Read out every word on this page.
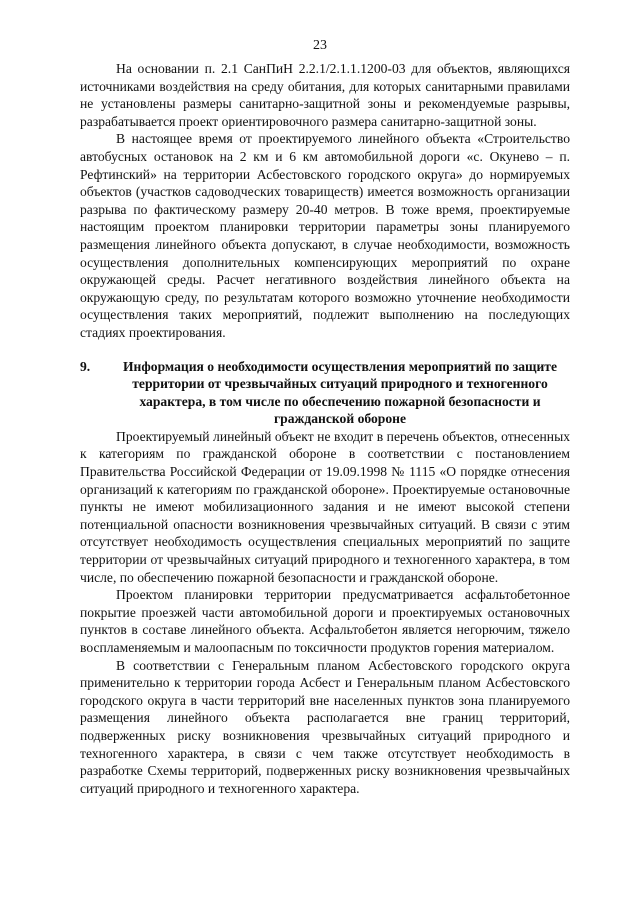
23

На основании п. 2.1 СанПиН 2.2.1/2.1.1.1200-03 для объектов, являющихся источниками воздействия на среду обитания, для которых санитарными правилами не установлены размеры санитарно-защитной зоны и рекомендуемые разрывы, разрабатывается проект ориентировочного размера санитарно-защитной зоны.

В настоящее время от проектируемого линейного объекта «Строительство автобусных остановок на 2 км и 6 км автомобильной дороги «с. Окунево – п. Рефтинский» на территории Асбестовского городского округа» до нормируемых объектов (участков садоводческих товариществ) имеется возможность организации разрыва по фактическому размеру 20-40 метров. В тоже время, проектируемые настоящим проектом планировки территории параметры зоны планируемого размещения линейного объекта допускают, в случае необходимости, возможность осуществления дополнительных компенсирующих мероприятий по охране окружающей среды. Расчет негативного воздействия линейного объекта на окружающую среду, по результатам которого возможно уточнение необходимости осуществления таких мероприятий, подлежит выполнению на последующих стадиях проектирования.

9.	Информация о необходимости осуществления мероприятий по защите территории от чрезвычайных ситуаций природного и техногенного характера, в том числе по обеспечению пожарной безопасности и гражданской обороне

Проектируемый линейный объект не входит в перечень объектов, отнесенных к категориям по гражданской обороне в соответствии с постановлением Правительства Российской Федерации от 19.09.1998 № 1115 «О порядке отнесения организаций к категориям по гражданской обороне». Проектируемые остановочные пункты не имеют мобилизационного задания и не имеют высокой степени потенциальной опасности возникновения чрезвычайных ситуаций. В связи с этим отсутствует необходимость осуществления специальных мероприятий по защите территории от чрезвычайных ситуаций природного и техногенного характера, в том числе, по обеспечению пожарной безопасности и гражданской обороне.

Проектом планировки территории предусматривается асфальтобетонное покрытие проезжей части автомобильной дороги и проектируемых остановочных пунктов в составе линейного объекта. Асфальтобетон является негорючим, тяжело воспламеняемым и малоопасным по токсичности продуктов горения материалом.

В соответствии с Генеральным планом Асбестовского городского округа применительно к территории города Асбест и Генеральным планом Асбестовского городского округа в части территорий вне населенных пунктов зона планируемого размещения линейного объекта располагается вне границ территорий, подверженных риску возникновения чрезвычайных ситуаций природного и техногенного характера, в связи с чем также отсутствует необходимость в разработке Схемы территорий, подверженных риску возникновения чрезвычайных ситуаций природного и техногенного характера.
